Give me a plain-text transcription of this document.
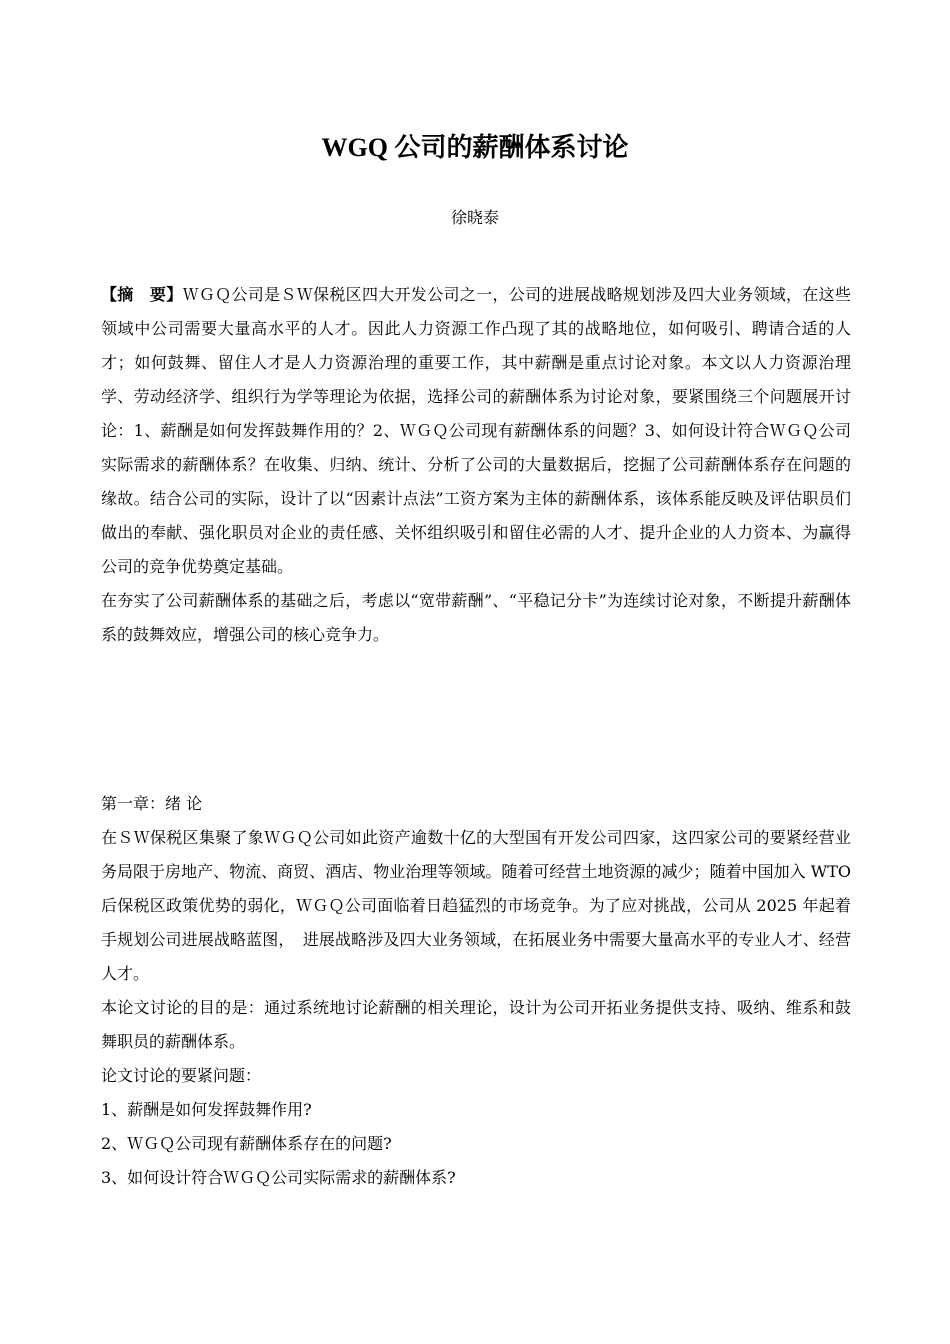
WGQ 公司的薪酬体系讨论
徐晓泰

【摘　要】ＷＧＱ公司是ＳＷ保税区四大开发公司之一，公司的进展战略规划涉及四大业务领域，在这些领域中公司需要大量高水平的人才。因此人力资源工作凸现了其的战略地位，如何吸引、聘请合适的人才；如何鼓舞、留住人才是人力资源治理的重要工作，其中薪酬是重点讨论对象。本文以人力资源治理学、劳动经济学、组织行为学等理论为依据，选择公司的薪酬体系为讨论对象，要紧围绕三个问题展开讨论：1、薪酬是如何发挥鼓舞作用的？2、ＷＧＱ公司现有薪酬体系的问题？3、如何设计符合ＷＧＱ公司实际需求的薪酬体系？在收集、归纳、统计、分析了公司的大量数据后，挖掘了公司薪酬体系存在问题的缘故。结合公司的实际，设计了以“因素计点法”工资方案为主体的薪酬体系，该体系能反映及评估职员们做出的奉献、强化职员对企业的责任感、关怀组织吸引和留住必需的人才、提升企业的人力资本、为赢得公司的竞争优势奠定基础。

在夯实了公司薪酬体系的基础之后，考虑以“宽带薪酬”、“平稳记分卡”为连续讨论对象，不断提升薪酬体系的鼓舞效应，增强公司的核心竞争力。

第一章：绪 论

在ＳＷ保税区集聚了象ＷＧＱ公司如此资产逾数十亿的大型国有开发公司四家，这四家公司的要紧经营业务局限于房地产、物流、商贸、酒店、物业治理等领域。随着可经营土地资源的减少；随着中国加入 WTO 后保税区政策优势的弱化，ＷＧＱ公司面临着日趋猛烈的市场竞争。为了应对挑战，公司从 2025 年起着手规划公司进展战略蓝图，　进展战略涉及四大业务领域，在拓展业务中需要大量高水平的专业人才、经营人才。

本论文讨论的目的是：通过系统地讨论薪酬的相关理论，设计为公司开拓业务提供支持、吸纳、维系和鼓舞职员的薪酬体系。

论文讨论的要紧问题：

1、薪酬是如何发挥鼓舞作用?

2、ＷＧＱ公司现有薪酬体系存在的问题?

3、如何设计符合ＷＧＱ公司实际需求的薪酬体系?
